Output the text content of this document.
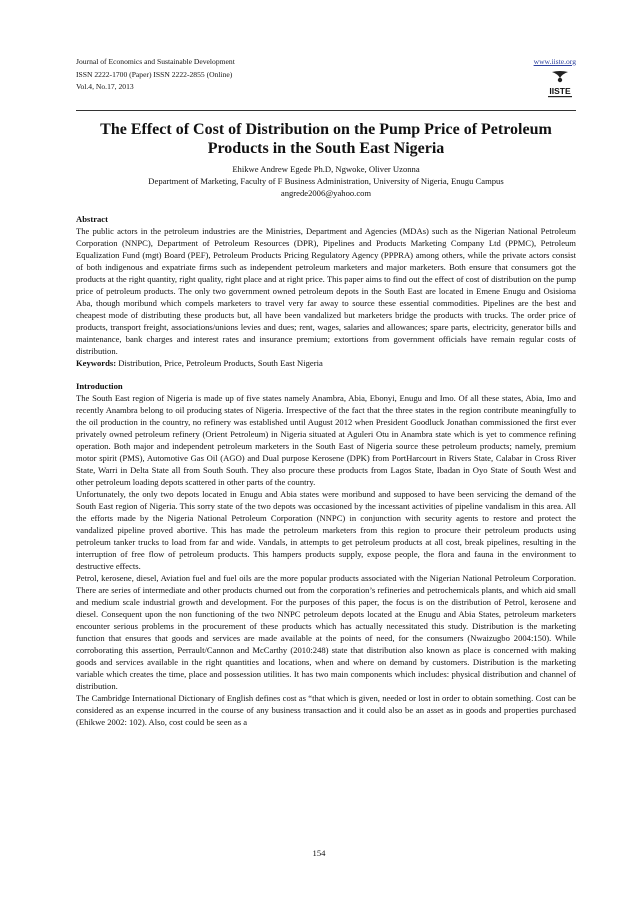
Journal of Economics and Sustainable Development
ISSN 2222-1700 (Paper) ISSN 2222-2855 (Online)
Vol.4, No.17, 2013
www.iiste.org
IISTE
The Effect of Cost of Distribution on the Pump Price of Petroleum Products in the South East Nigeria
Ehikwe Andrew Egede Ph.D, Ngwoke, Oliver Uzonna
Department of Marketing, Faculty of F Business Administration, University of Nigeria, Enugu Campus
angrede2006@yahoo.com
Abstract

The public actors in the petroleum industries are the Ministries, Department and Agencies (MDAs) such as the Nigerian National Petroleum Corporation (NNPC), Department of Petroleum Resources (DPR), Pipelines and Products Marketing Company Ltd (PPMC), Petroleum Equalization Fund (mgt) Board (PEF), Petroleum Products Pricing Regulatory Agency (PPPRA) among others, while the private actors consist of both indigenous and expatriate firms such as independent petroleum marketers and major marketers. Both ensure that consumers got the products at the right quantity, right quality, right place and at right price. This paper aims to find out the effect of cost of distribution on the pump price of petroleum products. The only two government owned petroleum depots in the South East are located in Emene Enugu and Osisioma Aba, though moribund which compels marketers to travel very far away to source these essential commodities. Pipelines are the best and cheapest mode of distributing these products but, all have been vandalized but marketers bridge the products with trucks. The order price of products, transport freight, associations/unions levies and dues; rent, wages, salaries and allowances; spare parts, electricity, generator bills and maintenance, bank charges and interest rates and insurance premium; extortions from government officials have remain regular costs of distribution.

Keywords: Distribution, Price, Petroleum Products, South East Nigeria

Introduction

The South East region of Nigeria is made up of five states namely Anambra, Abia, Ebonyi, Enugu and Imo. Of all these states, Abia, Imo and recently Anambra belong to oil producing states of Nigeria. Irrespective of the fact that the three states in the region contribute meaningfully to the oil production in the country, no refinery was established until August 2012 when President Goodluck Jonathan commissioned the first ever privately owned petroleum refinery (Orient Petroleum) in Nigeria situated at Aguleri Otu in Anambra state which is yet to commence refining operation. Both major and independent petroleum marketers in the South East of Nigeria source these petroleum products; namely, premium motor spirit (PMS), Automotive Gas Oil (AGO) and Dual purpose Kerosene (DPK) from PortHarcourt in Rivers State, Calabar in Cross River State, Warri in Delta State all from South South. They also procure these products from Lagos State, Ibadan in Oyo State of South West and other petroleum loading depots scattered in other parts of the country.

Unfortunately, the only two depots located in Enugu and Abia states were moribund and supposed to have been servicing the demand of the South East region of Nigeria. This sorry state of the two depots was occasioned by the incessant activities of pipeline vandalism in this area. All the efforts made by the Nigeria National Petroleum Corporation (NNPC) in conjunction with security agents to restore and protect the vandalized pipeline proved abortive. This has made the petroleum marketers from this region to procure their petroleum products using petroleum tanker trucks to load from far and wide. Vandals, in attempts to get petroleum products at all cost, break pipelines, resulting in the interruption of free flow of petroleum products. This hampers products supply, expose people, the flora and fauna in the environment to destructive effects.

Petrol, kerosene, diesel, Aviation fuel and fuel oils are the more popular products associated with the Nigerian National Petroleum Corporation. There are series of intermediate and other products churned out from the corporation’s refineries and petrochemicals plants, and which aid small and medium scale industrial growth and development. For the purposes of this paper, the focus is on the distribution of Petrol, kerosene and diesel. Consequent upon the non functioning of the two NNPC petroleum depots located at the Enugu and Abia States, petroleum marketers encounter serious problems in the procurement of these products which has actually necessitated this study. Distribution is the marketing function that ensures that goods and services are made available at the points of need, for the consumers (Nwaizugbo 2004:150). While corroborating this assertion, Perrault/Cannon and McCarthy (2010:248) state that distribution also known as place is concerned with making goods and services available in the right quantities and locations, when and where on demand by customers. Distribution is the marketing variable which creates the time, place and possession utilities. It has two main components which includes: physical distribution and channel of distribution.

The Cambridge International Dictionary of English defines cost as “that which is given, needed or lost in order to obtain something. Cost can be considered as an expense incurred in the course of any business transaction and it could also be an asset as in goods and properties purchased (Ehikwe 2002: 102). Also, cost could be seen as a

154
